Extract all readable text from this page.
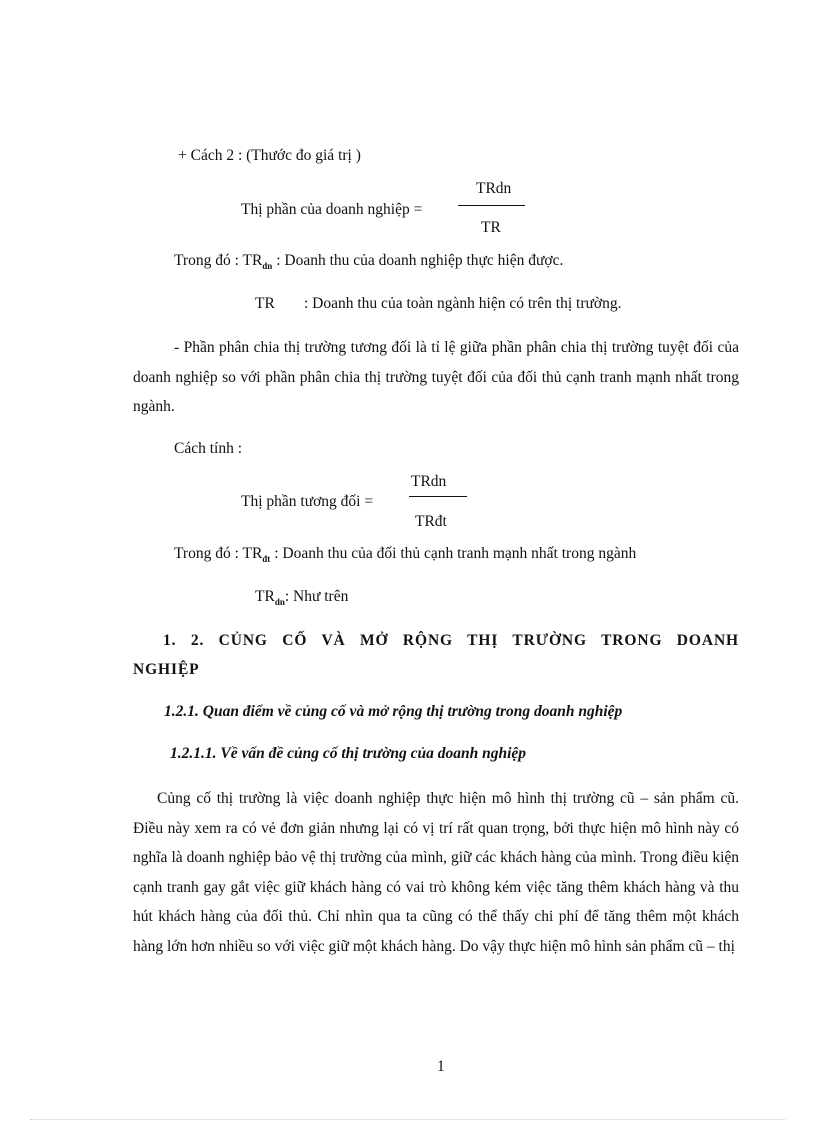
+ Cách 2 : (Thước đo giá trị )
Thị phần của doanh nghiệp =
TRdn
TR
Trong đó : $TR_{dn}$ : Doanh thu của doanh nghiệp thực hiện được.
TR : Doanh thu của toàn ngành hiện có trên thị trường.
- Phần phân chia thị trường tương đối là tỉ lệ giữa phần phân chia thị trường tuyệt đối của doanh nghiệp so với phần phân chia thị trường tuyệt đối của đối thủ cạnh tranh mạnh nhất trong ngành.
Cách tính :
Thị phần tương đối =
TRdn
TRđt
Trong đó : $TR_{đt}$ : Doanh thu của đối thủ cạnh tranh mạnh nhất trong ngành
$TR_{dn}$: Như trên
1. 2. CỦNG CỐ VÀ MỞ RỘNG THỊ TRƯỜNG TRONG DOANH NGHIỆP
1.2.1. Quan điểm về củng cố và mở rộng thị trường trong doanh nghiệp
1.2.1.1. Về vấn đề củng cố thị trường của doanh nghiệp
Củng cố thị trường là việc doanh nghiệp thực hiện mô hình thị trường cũ – sản phẩm cũ. Điều này xem ra có vẻ đơn giản nhưng lại có vị trí rất quan trọng, bởi thực hiện mô hình này có nghĩa là doanh nghiệp bảo vệ thị trường của mình, giữ các khách hàng của mình. Trong điều kiện cạnh tranh gay gắt việc giữ khách hàng có vai trò không kém việc tăng thêm khách hàng và thu hút khách hàng của đối thủ. Chỉ nhìn qua ta cũng có thể thấy chi phí để tăng thêm một khách hàng lớn hơn nhiều so với việc giữ một khách hàng. Do vậy thực hiện mô hình sản phẩm cũ – thị
1
